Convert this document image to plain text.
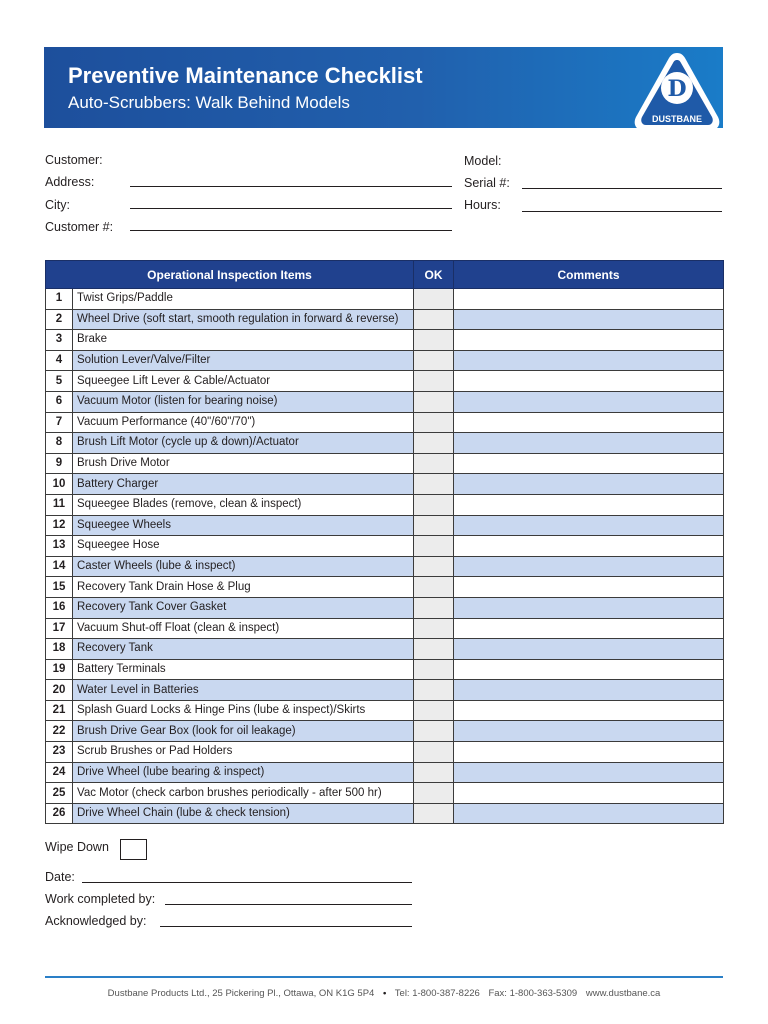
Preventive Maintenance Checklist
Auto-Scrubbers: Walk Behind Models
D
DUSTBANE
Customer:
Address:
City:
Customer #:
Model:
Serial #:
Hours:
Operational Inspection Items		OK	Comments
1	Twist Grips/Paddle		
2	Wheel Drive (soft start, smooth regulation in forward & reverse)		
3	Brake		
4	Solution Lever/Valve/Filter		
5	Squeegee Lift Lever & Cable/Actuator		
6	Vacuum Motor (listen for bearing noise)		
7	Vacuum Performance (40"/60"/70")		
8	Brush Lift Motor (cycle up & down)/Actuator		
9	Brush Drive Motor		
10	Battery Charger		
11	Squeegee Blades (remove, clean & inspect)		
12	Squeegee Wheels		
13	Squeegee Hose		
14	Caster Wheels (lube & inspect)		
15	Recovery Tank Drain Hose & Plug		
16	Recovery Tank Cover Gasket		
17	Vacuum Shut-off Float (clean & inspect)		
18	Recovery Tank		
19	Battery Terminals		
20	Water Level in Batteries		
21	Splash Guard Locks & Hinge Pins (lube & inspect)/Skirts		
22	Brush Drive Gear Box (look for oil leakage)		
23	Scrub Brushes or Pad Holders		
24	Drive Wheel (lube bearing & inspect)		
25	Vac Motor (check carbon brushes periodically - after 500 hr)		
26	Drive Wheel Chain (lube & check tension)		
Wipe Down
Date:
Work completed by:
Acknowledged by:
Dustbane Products Ltd., 25 Pickering Pl., Ottawa, ON K1G 5P4 • Tel: 1-800-387-8226 Fax: 1-800-363-5309 www.dustbane.ca
